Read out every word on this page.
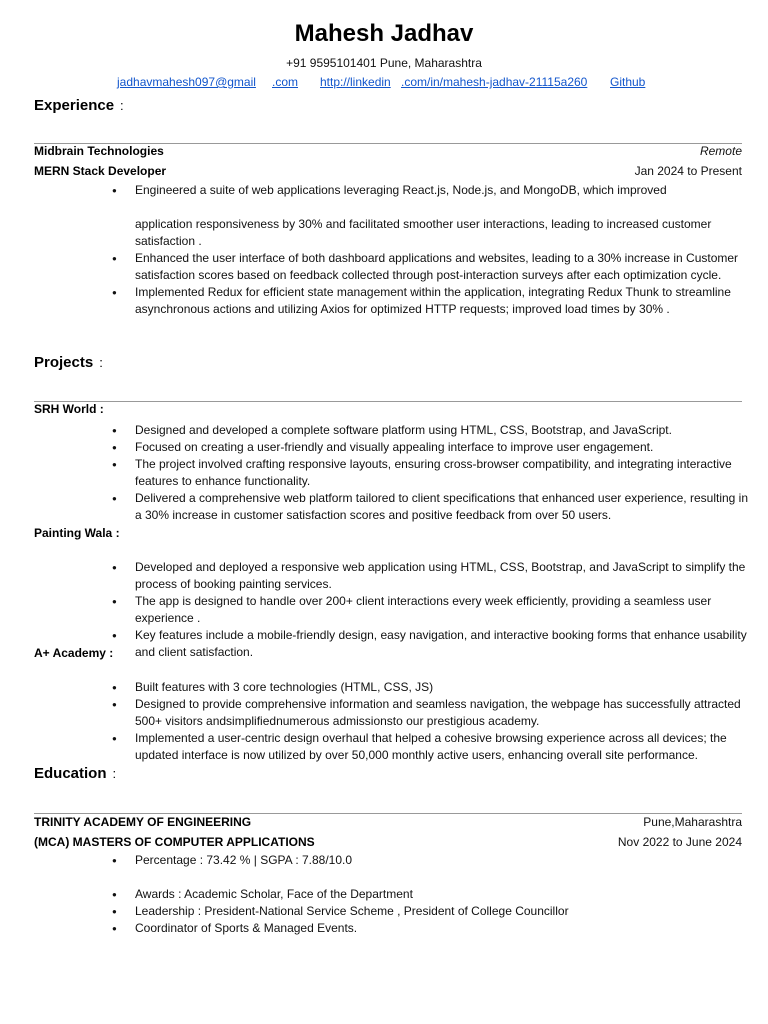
Mahesh Jadhav
+91 9595101401 Pune, Maharashtra
jadhavmahesh097@gmail .com http://linkedin .com/in/mahesh-jadhav-21115a260 Github
Experience :
Midbrain Technologies	Remote
MERN Stack Developer	Jan 2024 to Present
● Engineered a suite of web applications leveraging React.js, Node.js, and MongoDB, which improved
application responsiveness by 30% and facilitated smoother user interactions, leading to increased customer satisfaction .
● Enhanced the user interface of both dashboard applications and websites, leading to a 30% increase in Customer satisfaction scores based on feedback collected through post-interaction surveys after each optimization cycle.
● Implemented Redux for efficient state management within the application, integrating Redux Thunk to streamline asynchronous actions and utilizing Axios for optimized HTTP requests; improved load times by 30% .
Projects :
SRH World :
● Designed and developed a complete software platform using HTML, CSS, Bootstrap, and JavaScript.
● Focused on creating a user-friendly and visually appealing interface to improve user engagement.
● The project involved crafting responsive layouts, ensuring cross-browser compatibility, and integrating interactive features to enhance functionality.
● Delivered a comprehensive web platform tailored to client specifications that enhanced user experience, resulting in a 30% increase in customer satisfaction scores and positive feedback from over 50 users.
Painting Wala :
● Developed and deployed a responsive web application using HTML, CSS, Bootstrap, and JavaScript to simplify the process of booking painting services.
● The app is designed to handle over 200+ client interactions every week efficiently, providing a seamless user experience .
● Key features include a mobile-friendly design, easy navigation, and interactive booking forms that enhance usability and client satisfaction.
A+ Academy :
● Built features with 3 core technologies (HTML, CSS, JS)
● Designed to provide comprehensive information and seamless navigation, the webpage has successfully attracted 500+ visitors andsimplifiednumerous admissionsto our prestigious academy.
● Implemented a user-centric design overhaul that helped a cohesive browsing experience across all devices; the updated interface is now utilized by over 50,000 monthly active users, enhancing overall site performance.
Education :
TRINITY ACADEMY OF ENGINEERING	Pune,Maharashtra
(MCA) MASTERS OF COMPUTER APPLICATIONS	Nov 2022 to June 2024
● Percentage : 73.42 % | SGPA : 7.88/10.0
● Awards : Academic Scholar, Face of the Department
● Leadership : President-National Service Scheme , President of College Councillor
● Coordinator of Sports & Managed Events.
